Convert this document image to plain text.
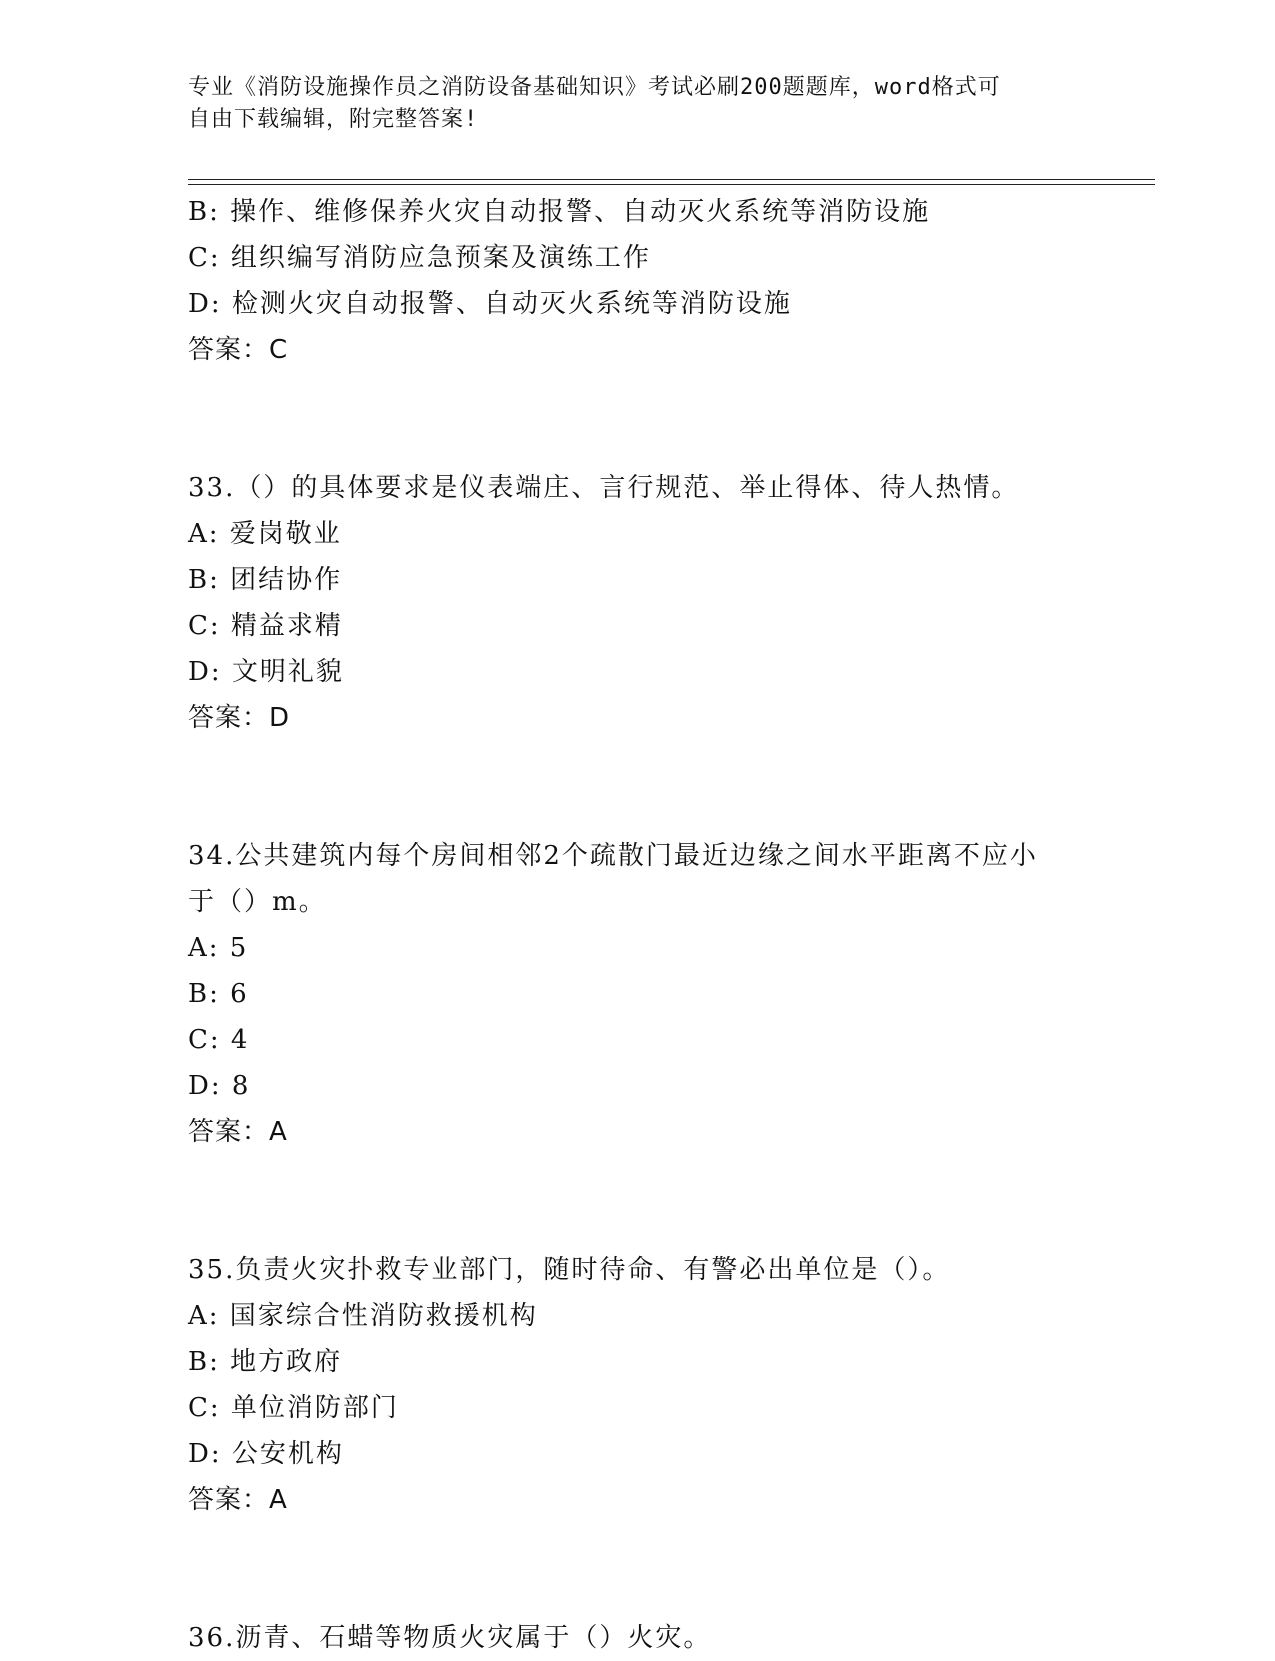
专业《消防设施操作员之消防设备基础知识》考试必刷200题题库，word格式可
自由下载编辑，附完整答案!
B: 操作、维修保养火灾自动报警、自动灭火系统等消防设施
C: 组织编写消防应急预案及演练工作
D: 检测火灾自动报警、自动灭火系统等消防设施
答案：C
33.（）的具体要求是仪表端庄、言行规范、举止得体、待人热情。
A: 爱岗敬业
B: 团结协作
C: 精益求精
D: 文明礼貌
答案：D
34.公共建筑内每个房间相邻2个疏散门最近边缘之间水平距离不应小
于（）m。
A: 5
B: 6
C: 4
D: 8
答案：A
35.负责火灾扑救专业部门，随时待命、有警必出单位是（）。
A: 国家综合性消防救援机构
B: 地方政府
C: 单位消防部门
D: 公安机构
答案：A
36.沥青、石蜡等物质火灾属于（）火灾。
